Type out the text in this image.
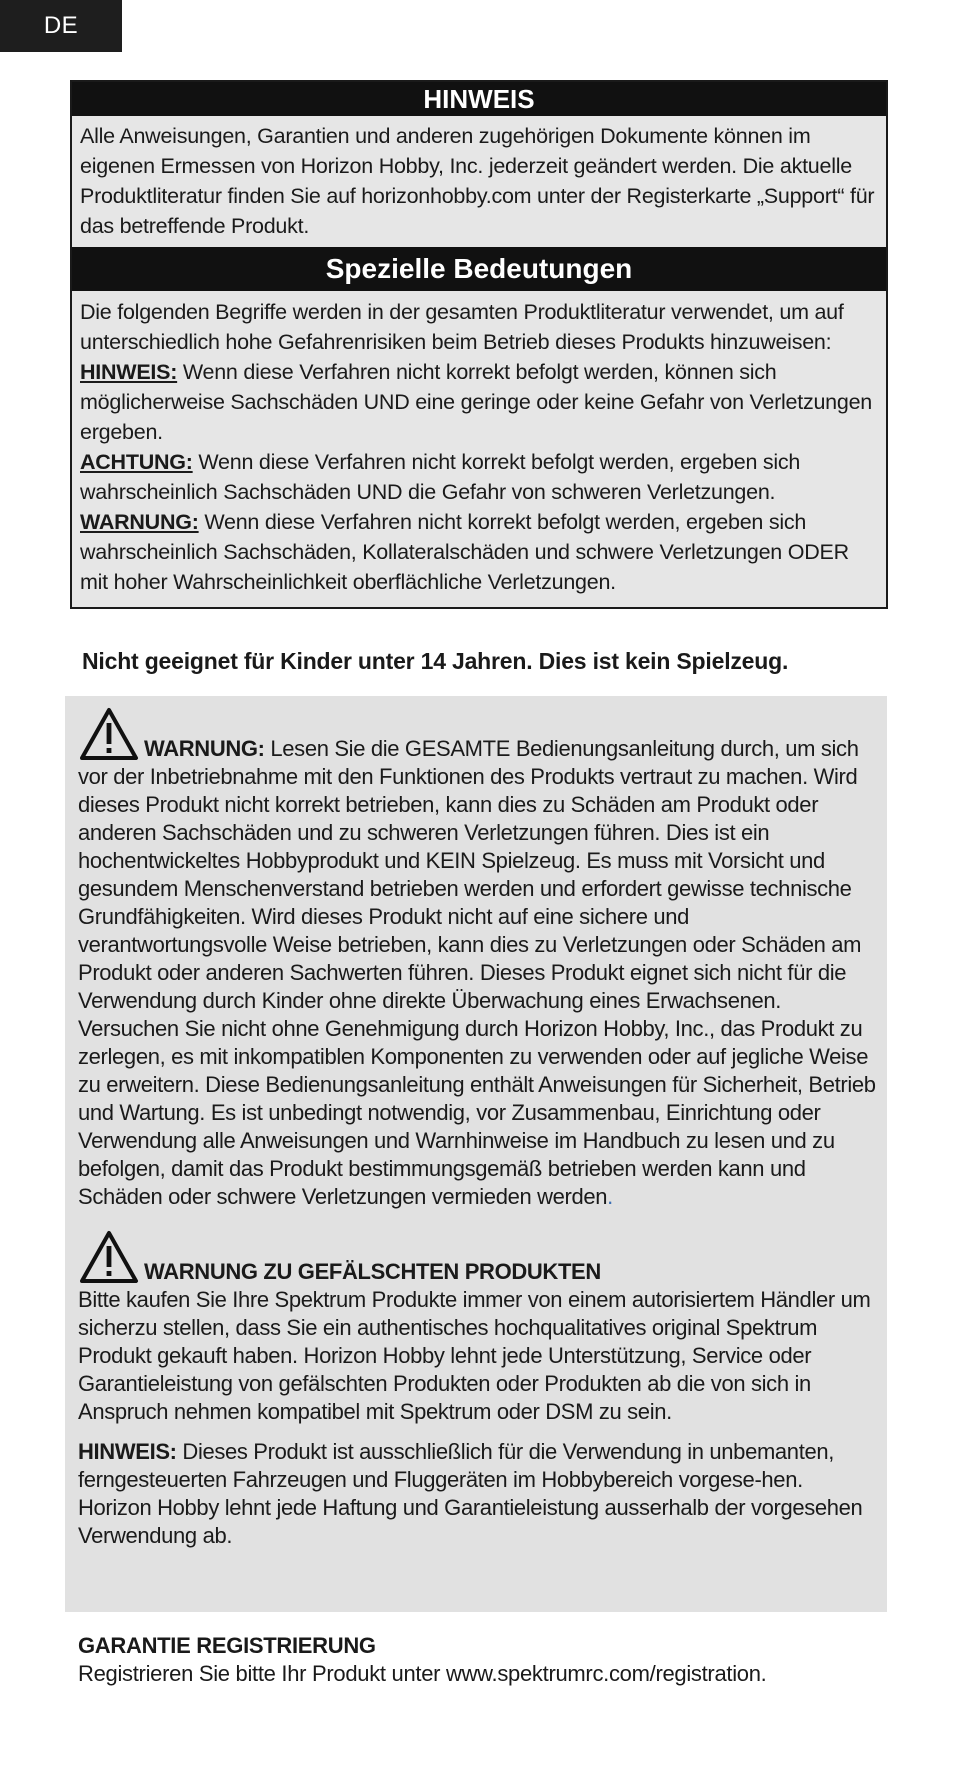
DE
HINWEIS

Alle Anweisungen, Garantien und anderen zugehörigen Dokumente können im eigenen Ermessen von Horizon Hobby, Inc. jederzeit geändert werden. Die aktuelle Produktliteratur finden Sie auf horizonhobby.com unter der Registerkarte „Support“ für das betreffende Produkt.

Spezielle Bedeutungen

Die folgenden Begriffe werden in der gesamten Produktliteratur verwendet, um auf unterschiedlich hohe Gefahrenrisiken beim Betrieb dieses Produkts hinzuweisen:

HINWEIS: Wenn diese Verfahren nicht korrekt befolgt werden, können sich möglicherweise Sachschäden UND eine geringe oder keine Gefahr von Verletzungen ergeben.

ACHTUNG: Wenn diese Verfahren nicht korrekt befolgt werden, ergeben sich wahrscheinlich Sachschäden UND die Gefahr von schweren Verletzungen.

WARNUNG: Wenn diese Verfahren nicht korrekt befolgt werden, ergeben sich wahrscheinlich Sachschäden, Kollateralschäden und schwere Verletzungen ODER mit hoher Wahrscheinlichkeit oberflächliche Verletzungen.

Nicht geeignet für Kinder unter 14 Jahren. Dies ist kein Spielzeug.

WARNUNG: Lesen Sie die GESAMTE Bedienungsanleitung durch, um sich vor der Inbetriebnahme mit den Funktionen des Produkts vertraut zu machen. Wird dieses Produkt nicht korrekt betrieben, kann dies zu Schäden am Produkt oder anderen Sachschäden und zu schweren Verletzungen führen. Dies ist ein hochentwickeltes Hobbyprodukt und KEIN Spielzeug. Es muss mit Vorsicht und gesundem Menschenverstand betrieben werden und erfordert gewisse technische Grundfähigkeiten. Wird dieses Produkt nicht auf eine sichere und verantwortungsvolle Weise betrieben, kann dies zu Verletzungen oder Schäden am Produkt oder anderen Sachwerten führen. Dieses Produkt eignet sich nicht für die Verwendung durch Kinder ohne direkte Überwachung eines Erwachsenen. Versuchen Sie nicht ohne Genehmigung durch Horizon Hobby, Inc., das Produkt zu zerlegen, es mit inkompatiblen Komponenten zu verwenden oder auf jegliche Weise zu erweitern. Diese Bedienungsanleitung enthält Anweisungen für Sicherheit, Betrieb und Wartung. Es ist unbedingt notwendig, vor Zusammenbau, Einrichtung oder Verwendung alle Anweisungen und Warnhinweise im Handbuch zu lesen und zu befolgen, damit das Produkt bestimmungsgemäß betrieben werden kann und Schäden oder schwere Verletzungen vermieden werden.

WARNUNG ZU GEFÄLSCHTEN PRODUKTEN

Bitte kaufen Sie Ihre Spektrum Produkte immer von einem autorisiertem Händler um sicherzu stellen, dass Sie ein authentisches hochqualitatives original Spektrum Produkt gekauft haben. Horizon Hobby lehnt jede Unterstützung, Service oder Garantieleistung von gefälschten Produkten oder Produkten ab die von sich in Anspruch nehmen kompatibel mit Spektrum oder DSM zu sein.

HINWEIS: Dieses Produkt ist ausschließlich für die Verwendung in unbemanten, ferngesteuerten Fahrzeugen und Fluggeräten im Hobbybereich vorgese-hen. Horizon Hobby lehnt jede Haftung und Garantieleistung ausserhalb der vorgesehen Verwendung ab.

GARANTIE REGISTRIERUNG
Registrieren Sie bitte Ihr Produkt unter www.spektrumrc.com/registration.
